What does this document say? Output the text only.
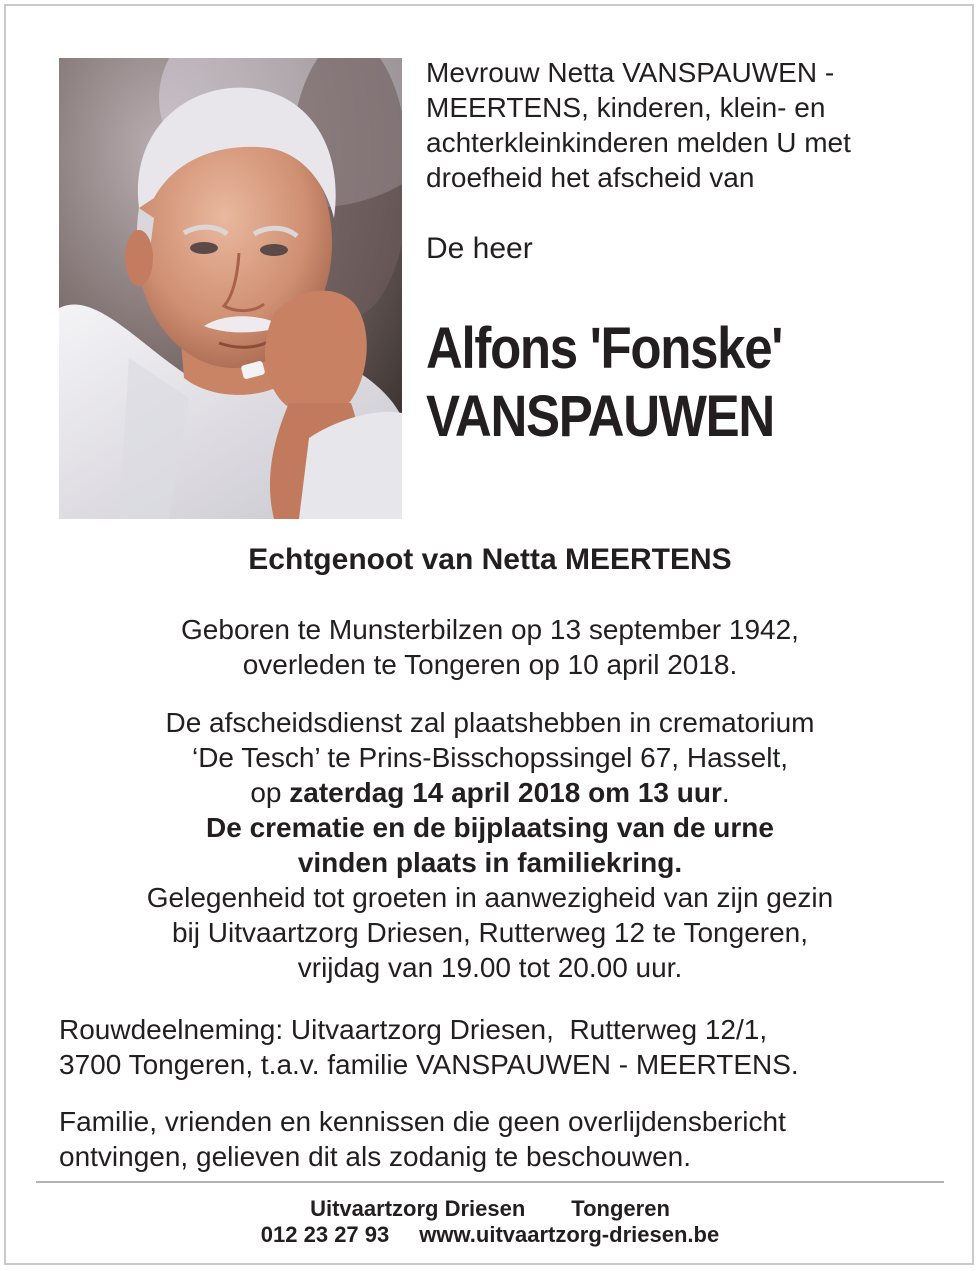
Mevrouw Netta VANSPAUWEN -

MEERTENS, kinderen, klein- en

achterkleinkinderen melden U met

droefheid het afscheid van

De heer
Alfons 'Fonske'
VANSPAUWEN
Echtgenoot van Netta MEERTENS
Geboren te Munsterbilzen op 13 september 1942,
overleden te Tongeren op 10 april 2018.
De afscheidsdienst zal plaatshebben in crematorium
‘De Tesch’ te Prins-Bisschopssingel 67, Hasselt,
op zaterdag 14 april 2018 om 13 uur.
De crematie en de bijplaatsing van de urne
vinden plaats in familiekring.
Gelegenheid tot groeten in aanwezigheid van zijn gezin
bij Uitvaartzorg Driesen, Rutterweg 12 te Tongeren,
vrijdag van 19.00 tot 20.00 uur.
Rouwdeelneming: Uitvaartzorg Driesen,  Rutterweg 12/1,
3700 Tongeren, t.a.v. familie VANSPAUWEN - MEERTENS.
Familie, vrienden en kennissen die geen overlijdensbericht
ontvingen, gelieven dit als zodanig te beschouwen.
Uitvaartzorg Driesen Tongeren
012 23 27 93 www.uitvaartzorg-driesen.be
